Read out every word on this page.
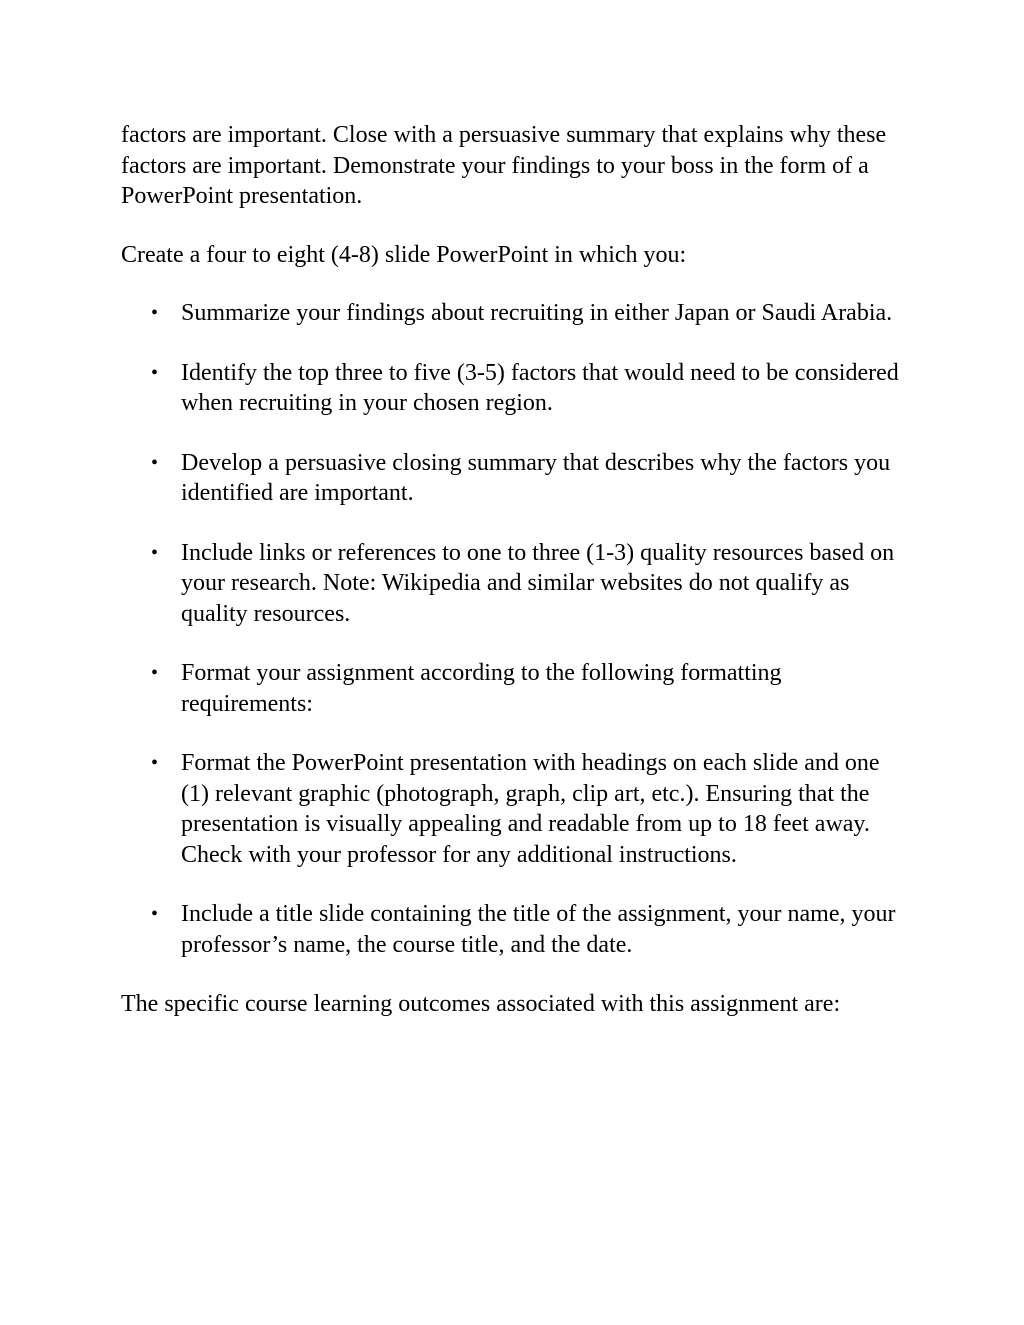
factors are important. Close with a persuasive summary that explains why these factors are important. Demonstrate your findings to your boss in the form of a PowerPoint presentation.

Create a four to eight (4-8) slide PowerPoint in which you:

• Summarize your findings about recruiting in either Japan or Saudi Arabia.
• Identify the top three to five (3-5) factors that would need to be considered when recruiting in your chosen region.
• Develop a persuasive closing summary that describes why the factors you identified are important.
• Include links or references to one to three (1-3) quality resources based on your research. Note: Wikipedia and similar websites do not qualify as quality resources.
• Format your assignment according to the following formatting requirements:
• Format the PowerPoint presentation with headings on each slide and one (1) relevant graphic (photograph, graph, clip art, etc.). Ensuring that the presentation is visually appealing and readable from up to 18 feet away. Check with your professor for any additional instructions.
• Include a title slide containing the title of the assignment, your name, your professor’s name, the course title, and the date.

The specific course learning outcomes associated with this assignment are:
